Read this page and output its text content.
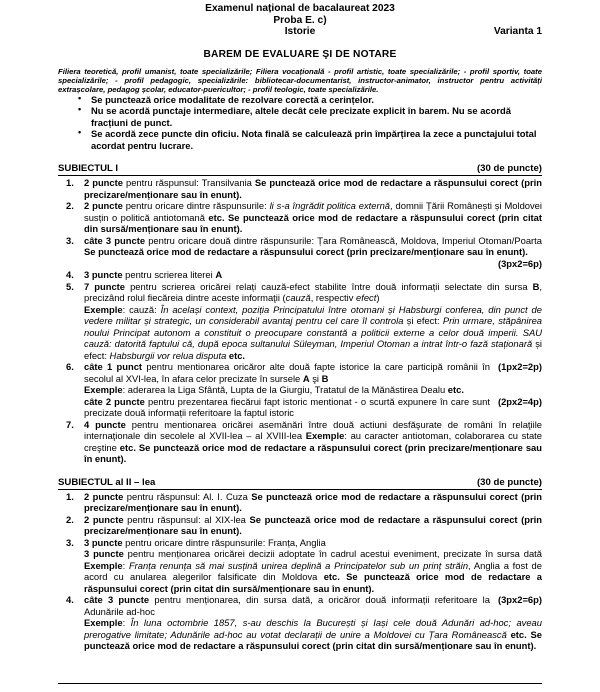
Examenul național de bacalaureat 2023
Proba E. c)
Istorie	Varianta 1
BAREM DE EVALUARE ŞI DE NOTARE
Filiera teoretică, profil umanist, toate specializările; Filiera vocațională - profil artistic, toate specializările; - profil sportiv, toate specializările; - profil pedagogic, specializările: bibliotecar-documentarist, instructor-animator, instructor pentru activități extrașcolare, pedagog școlar, educator-puericultor; - profil teologic, toate specializările.
• Se punctează orice modalitate de rezolvare corectă a cerințelor.
• Nu se acordă punctaje intermediare, altele decât cele precizate explicit în barem. Nu se acordă fracțiuni de punct.
• Se acordă zece puncte din oficiu. Nota finală se calculează prin împărțirea la zece a punctajului total acordat pentru lucrare.
SUBIECTUL I	(30 de puncte)
1.	2 puncte pentru răspunsul: Transilvania Se punctează orice mod de redactare a răspunsului corect (prin precizare/menționare sau în enunt).
2.	2 puncte pentru oricare dintre răspunsurile: li s-a îngrădit politica externă, domnii Țării Românești și Moldovei susțin o politică antiotomană etc. Se punctează orice mod de redactare a răspunsului corect (prin citat din sursă/menționare sau în enunt).
3.	câte 3 puncte pentru oricare două dintre răspunsurile: Țara Românească, Moldova, Imperiul Otoman/Poarta Se punctează orice mod de redactare a răspunsului corect (prin precizare/menționare sau în enunt).
(3px2=6p)
4.	3 puncte pentru scrierea literei A
5.	7 puncte pentru scrierea oricărei relați cauză-efect stabilite între două informații selectate din sursa B, precizând rolul fiecăreia dintre aceste informaţii (cauză, respectiv efect)
Exemple: cauză: În același context, poziția Principatului între otomani și Habsburgi conferea, din punct de vedere militar și strategic, un considerabil avantaj pentru cel care îl controla și efect: Prin urmare, stăpânirea noului Principat autonom a constituit o preocupare constantă a politicii externe a celor două imperii. SAU cauză: datorită faptului că, după epoca sultanului Süleyman, Imperiul Otoman a intrat într-o fază staționară și efect: Habsburgii vor relua disputa etc.
6.	(1px2=2p)
câte 1 punct pentru mentionarea oricăror alte două fapte istorice la care participă românii în secolul al XVI-lea, în afara celor precizate în sursele A şi B
Exemple: aderarea la Liga Sfântă, Lupta de la Giurgiu, Tratatul de la Mănăstirea Dealu etc.
(2px2=4p)
câte 2 puncte pentru prezentarea fiecărui fapt istoric mentionat - o scurtă expunere în care sunt precizate două informații referitoare la faptul istoric
7.	4 puncte pentru mentionarea oricărei asemănări între două actiuni desfăşurate de români în relaţiile internaţionale din secolele al XVII-lea – al XVIII-lea Exemple: au caracter antiotoman, colaborarea cu state creştine etc. Se punctează orice mod de redactare a răspunsului corect (prin precizare/menționare sau în enunt).
SUBIECTUL al II – lea	(30 de puncte)
1.	2 puncte pentru răspunsul: Al. I. Cuza Se punctează orice mod de redactare a răspunsului corect (prin precizare/menționare sau în enunt).
2.	2 puncte pentru răspunsul: al XIX-lea Se punctează orice mod de redactare a răspunsului corect (prin precizare/menționare sau în enunt).
3.	3 puncte pentru oricare dintre răspunsurile: Franța, Anglia
3 puncte pentru menționarea oricărei decizii adoptate în cadrul acestui eveniment, precizate în sursa dată Exemple: Franța renunța să mai susțină unirea deplină a Principatelor sub un prinț străin, Anglia a fost de acord cu anularea alegerilor falsificate din Moldova etc. Se punctează orice mod de redactare a răspunsului corect (prin citat din sursă/menționare sau în enunt).
4.	(3px2=6p)
câte 3 puncte pentru menționarea, din sursa dată, a oricăror două informații referitoare la Adunările ad-hoc
Exemple: În luna octombrie 1857, s-au deschis la București și Iași cele două Adunări ad-hoc; aveau prerogative limitate; Adunările ad-hoc au votat declarații de unire a Moldovei cu Țara Românească etc. Se punctează orice mod de redactare a răspunsului corect (prin citat din sursă/menționare sau în enunt).
